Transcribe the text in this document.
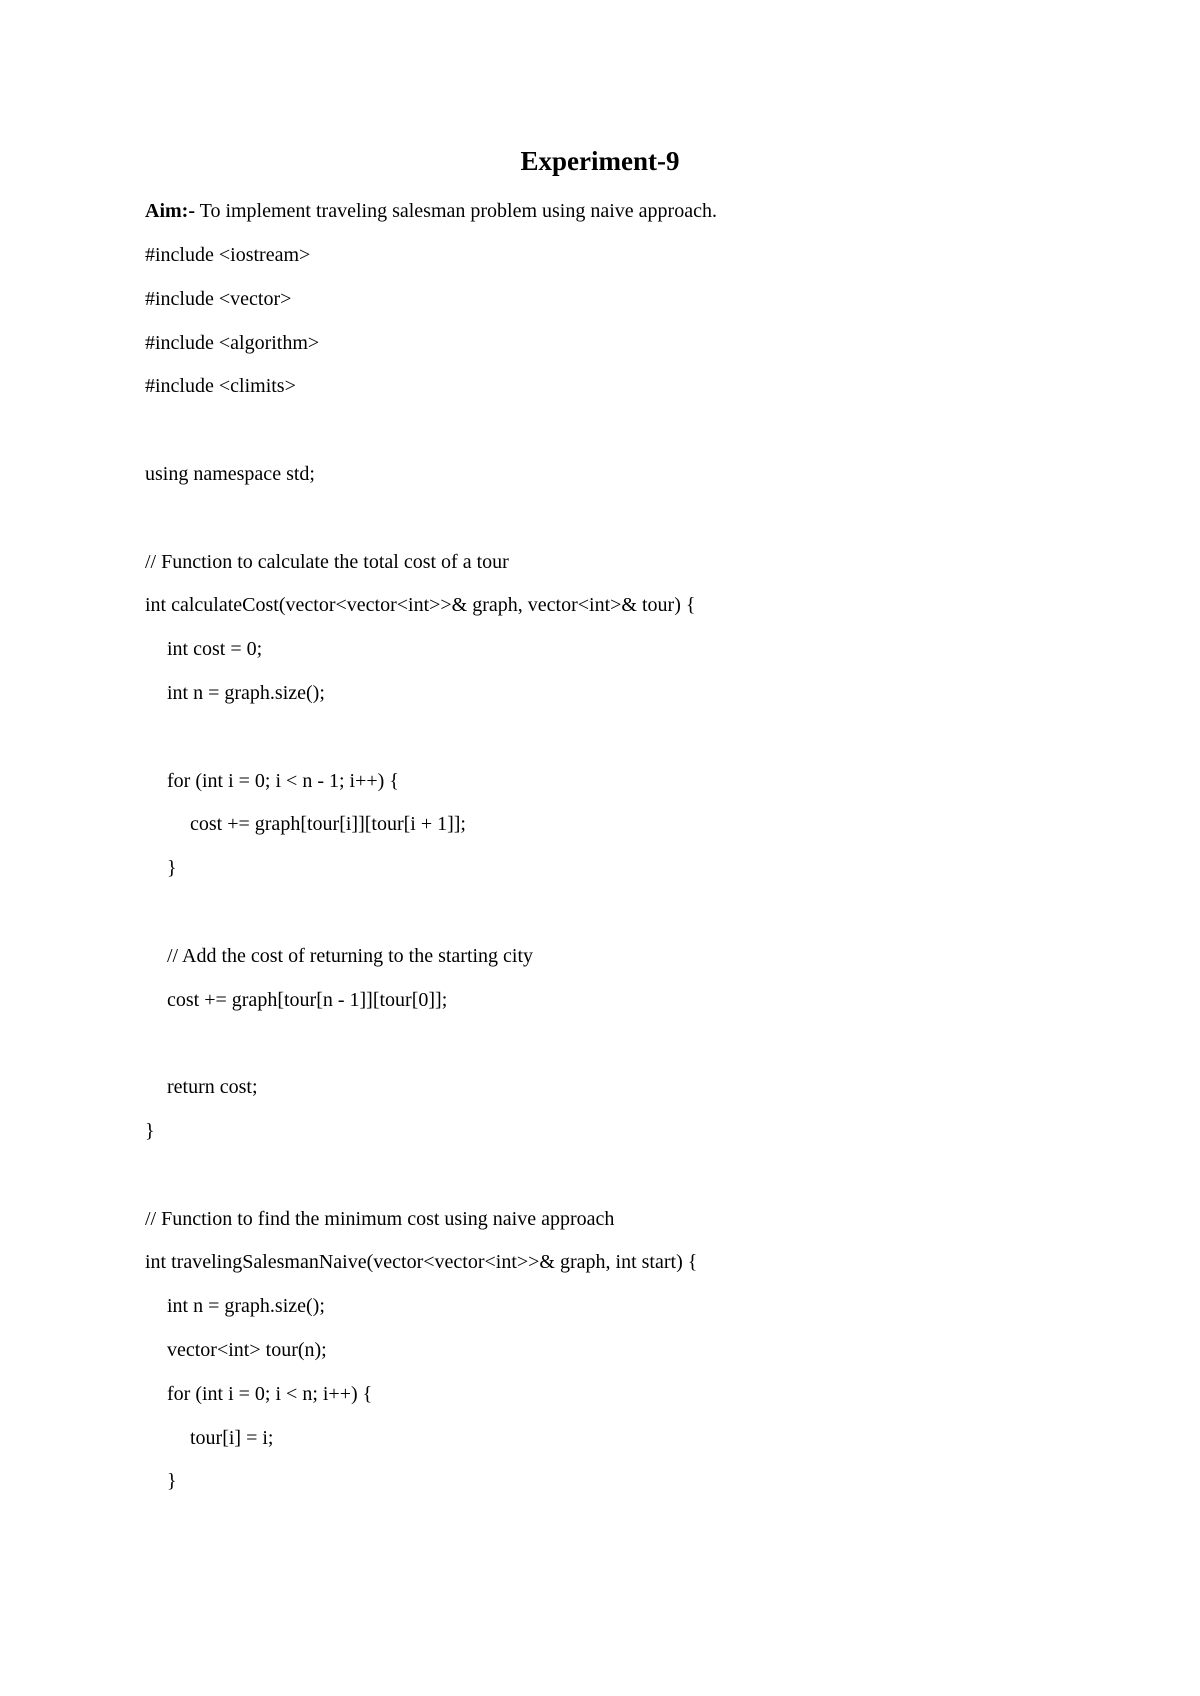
Experiment-9

Aim:- To implement traveling salesman problem using naive approach.

#include <iostream>
#include <vector>
#include <algorithm>
#include <climits>
using namespace std;
// Function to calculate the total cost of a tour
int calculateCost(vector<vector<int>>& graph, vector<int>& tour) {
int cost = 0;
int n = graph.size();
for (int i = 0; i < n - 1; i++) {
cost += graph[tour[i]][tour[i + 1]];
}
// Add the cost of returning to the starting city
cost += graph[tour[n - 1]][tour[0]];
return cost;
}
// Function to find the minimum cost using naive approach
int travelingSalesmanNaive(vector<vector<int>>& graph, int start) {
int n = graph.size();
vector<int> tour(n);
for (int i = 0; i < n; i++) {
tour[i] = i;
}
